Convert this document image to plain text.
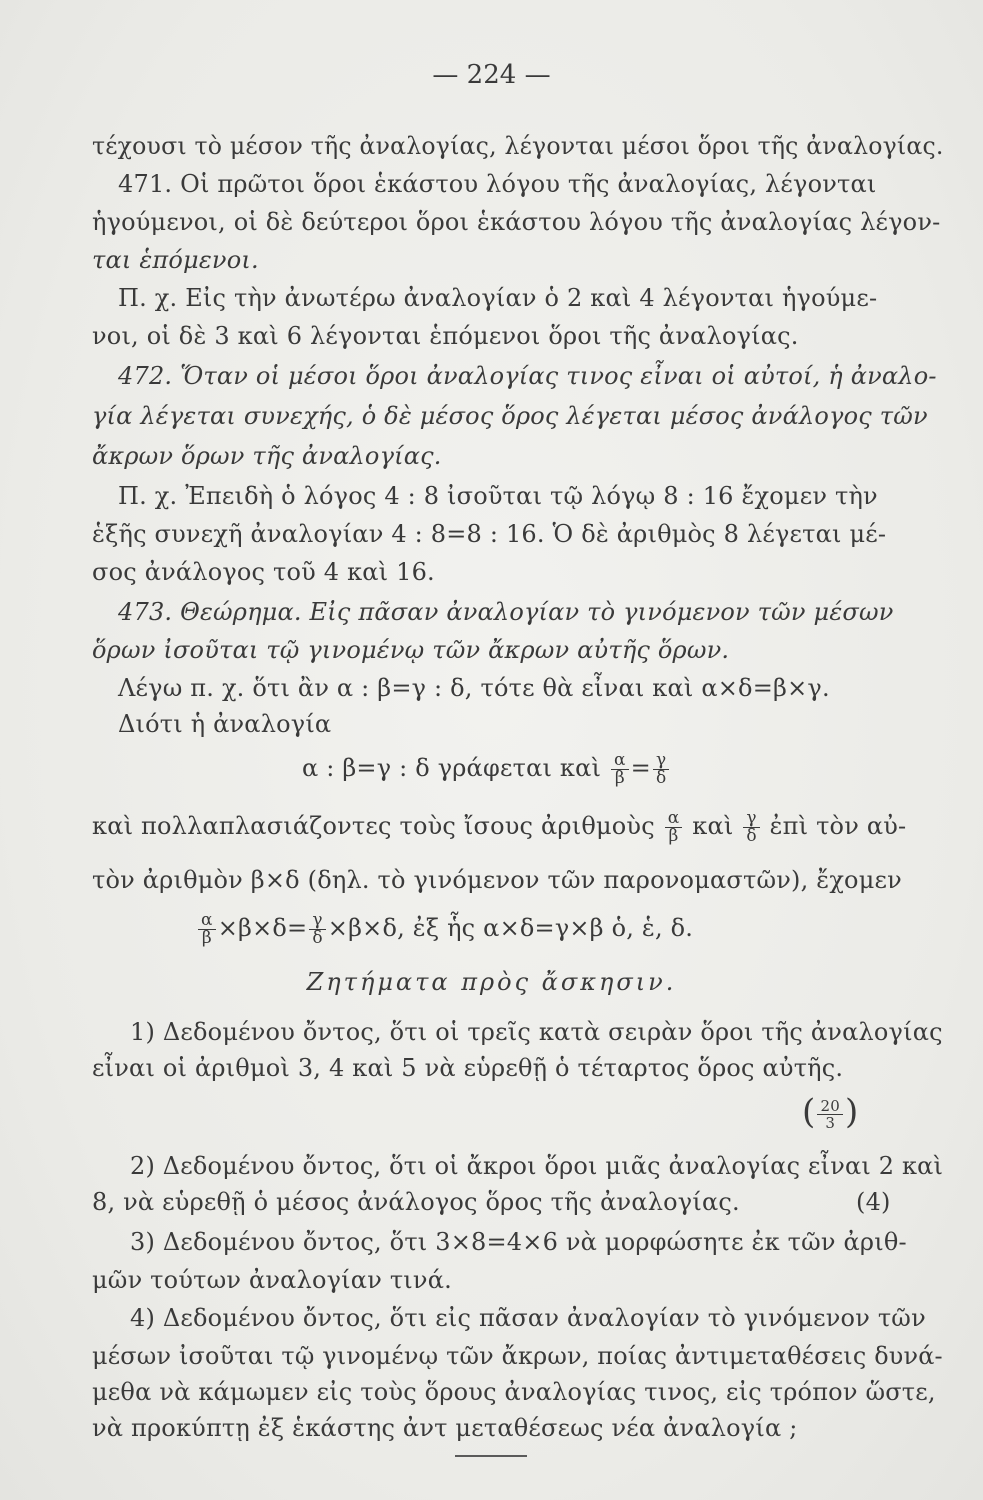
— 224 —
τέχουσι τὸ μέσον τῆς ἀναλογίας, λέγονται μέσοι ὅροι τῆς ἀναλογίας.
471. Οἱ πρῶτοι ὅροι ἑκάστου λόγου τῆς ἀναλογίας, λέγονται
ἡγούμενοι, οἱ δὲ δεύτεροι ὅροι ἑκάστου λόγου τῆς ἀναλογίας λέγον-
ται ἑπόμενοι.
Π. χ. Εἰς τὴν ἀνωτέρω ἀναλογίαν ὁ 2 καὶ 4 λέγονται ἡγούμε-
νοι, οἱ δὲ 3 καὶ 6 λέγονται ἑπόμενοι ὅροι τῆς ἀναλογίας.
472. Ὅταν οἱ μέσοι ὅροι ἀναλογίας τινος εἶναι οἱ αὐτοί, ἡ ἀναλο-
γία λέγεται συνεχής, ὁ δὲ μέσος ὅρος λέγεται μέσος ἀνάλογος τῶν
ἄκρων ὅρων τῆς ἀναλογίας.
Π. χ. Ἐπειδὴ ὁ λόγος 4 : 8 ἰσοῦται τῷ λόγῳ 8 : 16 ἔχομεν τὴν
ἑξῆς συνεχῆ ἀναλογίαν 4 : 8=8 : 16. Ὁ δὲ ἀριθμὸς 8 λέγεται μέ-
σος ἀνάλογος τοῦ 4 καὶ 16.
473. Θεώρημα. Εἰς πᾶσαν ἀναλογίαν τὸ γινόμενον τῶν μέσων
ὅρων ἰσοῦται τῷ γινομένῳ τῶν ἄκρων αὐτῆς ὅρων.
Λέγω π. χ. ὅτι ἂν α : β=γ : δ, τότε θὰ εἶναι καὶ α×δ=β×γ.
Διότι ἡ ἀναλογία
α : β=γ : δ γράφεται καὶ $\frac{\alpha}{\beta} = \frac{\gamma}{\delta}$
καὶ πολλαπλασιάζοντες τοὺς ἴσους ἀριθμοὺς $\frac{\alpha}{\beta}$ καὶ $\frac{\gamma}{\delta}$ ἐπὶ τὸν αὐ-
τὸν ἀριθμὸν β×δ (δηλ. τὸ γινόμενον τῶν παρονομαστῶν), ἔχομεν
$\frac{\alpha}{\beta} \times\beta\times\delta= \frac{\gamma}{\delta} \times\beta\times\delta$, ἐξ ἧς α×δ=γ×β ὁ, ἑ, δ.
Ζητήματα πρὸς ἄσκησιν.
1) Δεδομένου ὄντος, ὅτι οἱ τρεῖς κατὰ σειρὰν ὅροι τῆς ἀναλογίας
εἶναι οἱ ἀριθμοὶ 3, 4 καὶ 5 νὰ εὑρεθῇ ὁ τέταρτος ὅρος αὐτῆς.
( $\frac{20}{3}$ )
2) Δεδομένου ὄντος, ὅτι οἱ ἄκροι ὅροι μιᾶς ἀναλογίας εἶναι 2 καὶ
8, νὰ εὑρεθῇ ὁ μέσος ἀνάλογος ὅρος τῆς ἀναλογίας.	(4)
3) Δεδομένου ὄντος, ὅτι 3×8=4×6 νὰ μορφώσητε ἐκ τῶν ἀριθ-
μῶν τούτων ἀναλογίαν τινά.
4) Δεδομένου ὄντος, ὅτι εἰς πᾶσαν ἀναλογίαν τὸ γινόμενον τῶν
μέσων ἰσοῦται τῷ γινομένῳ τῶν ἄκρων, ποίας ἀντιμεταθέσεις δυνά-
μεθα νὰ κάμωμεν εἰς τοὺς ὅρους ἀναλογίας τινος, εἰς τρόπον ὥστε,
νὰ προκύπτῃ ἐξ ἑκάστης ἀντ μεταθέσεως νέα ἀναλογία ;
